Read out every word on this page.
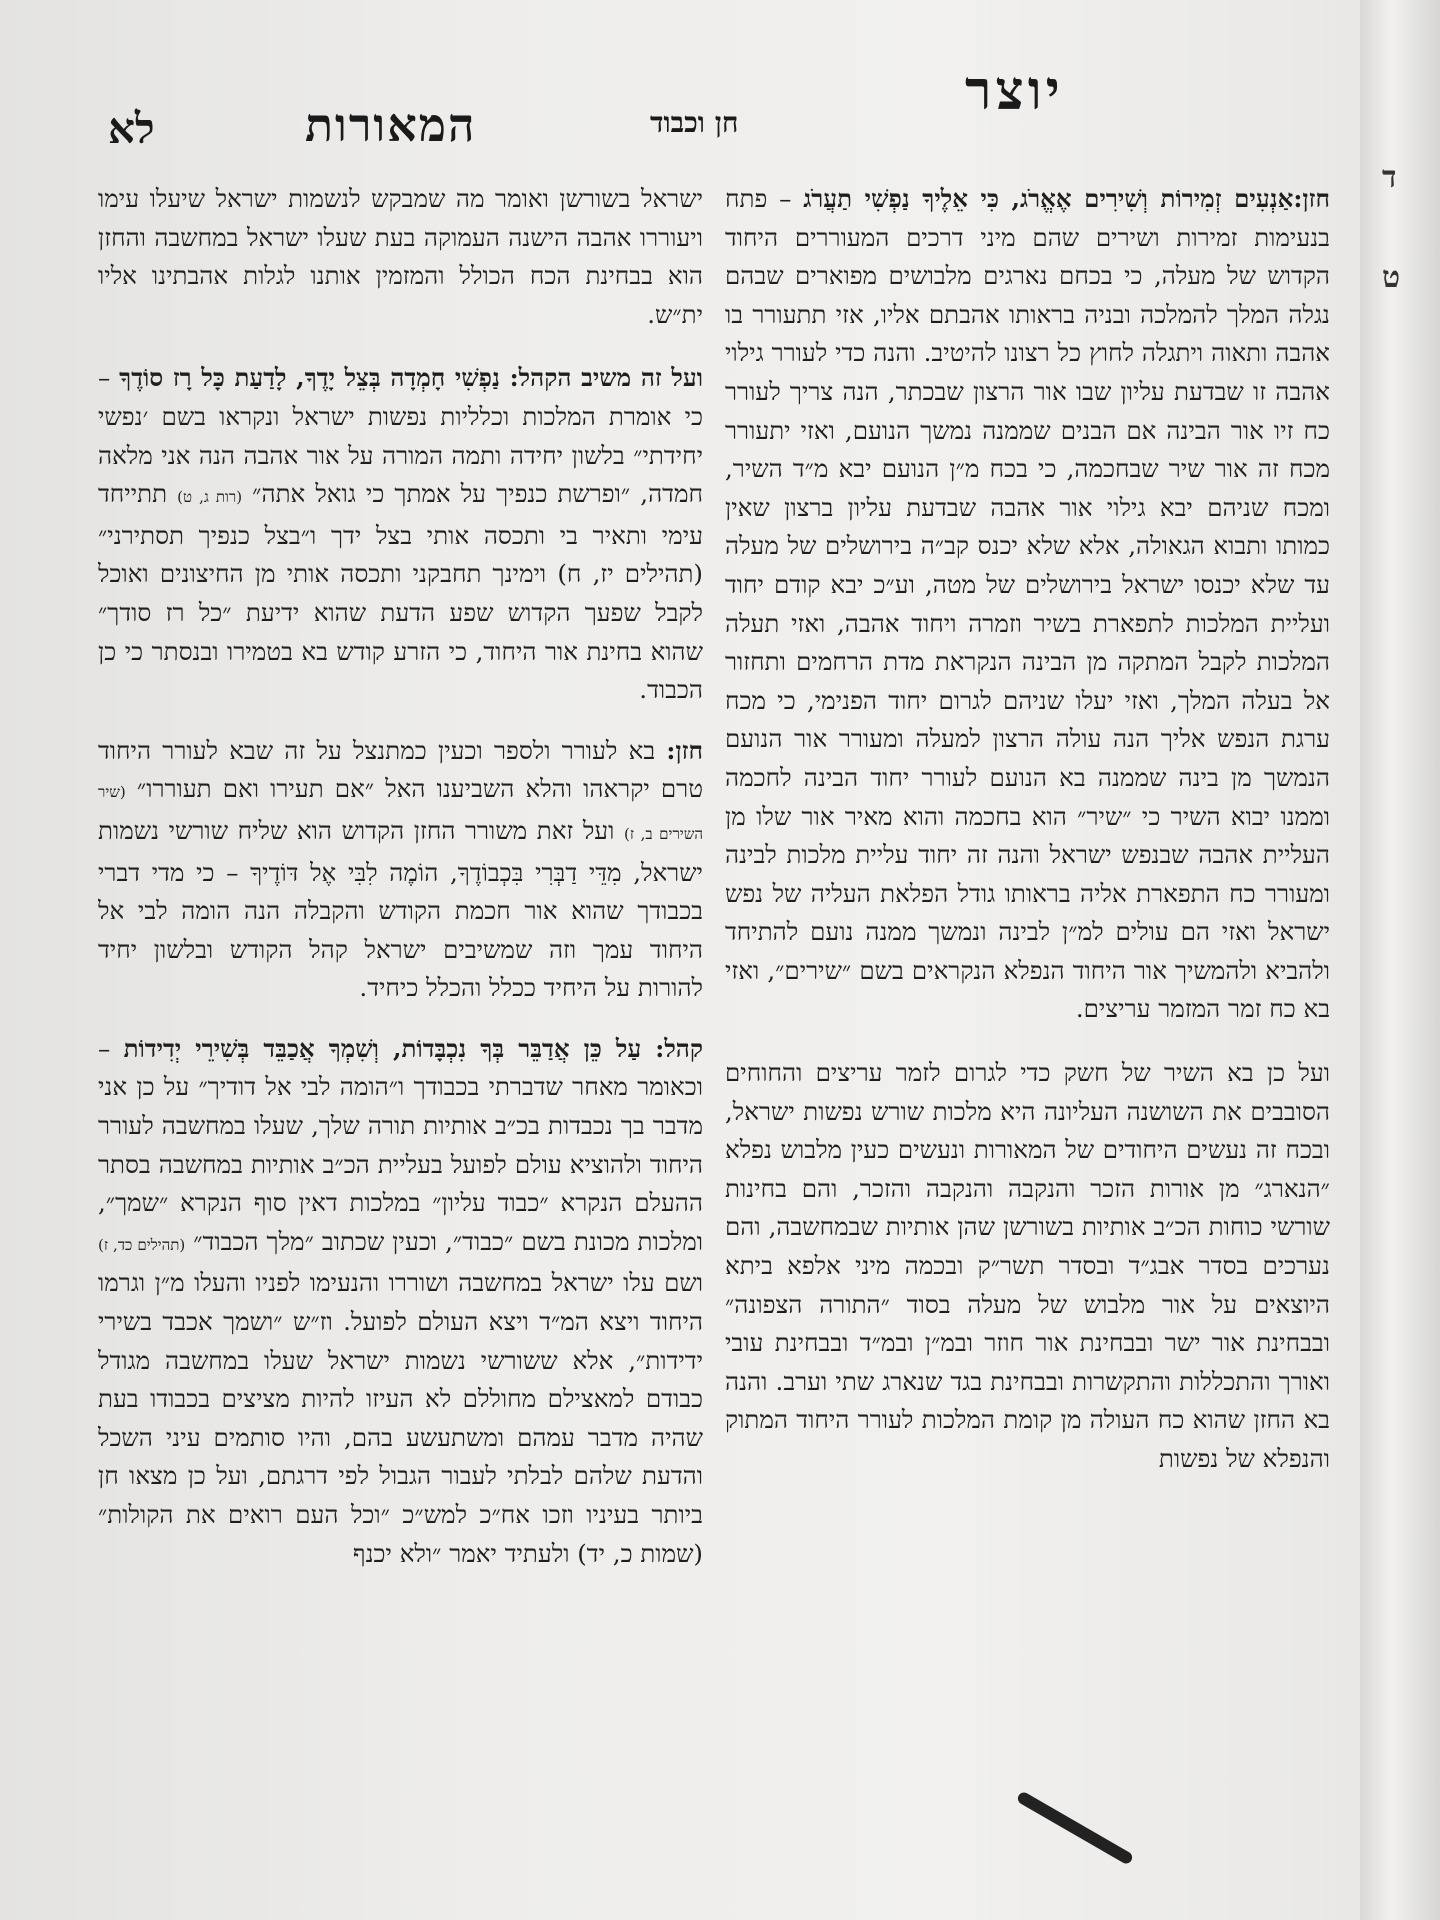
לא	המאורות	חן וכבוד
יוצר

חזן:אַנְעִים זְמִירוֹת וְשִׁירִים אֶאֱרֹג, כִּי אֵלֶיךָ נַפְשִׁי תַעֲרֹג – פתח בנעימות זמירות ושירים שהם מיני דרכים המעוררים היחוד הקדוש של מעלה, כי בכחם נארגים מלבושים מפוארים שבהם נגלה המלך להמלכה ובניה בראותו אהבתם אליו, אזי תתעורר בו אהבה ותאוה ויתגלה לחוץ כל רצונו להיטיב. והנה כדי לעורר גילוי אהבה זו שבדעת עליון שבו אור הרצון שבכתר, הנה צריך לעורר כח זיו אור הבינה אם הבנים שממנה נמשך הנועם, ואזי יתעורר מכח זה אור שיר שבחכמה, כי בכח מ״ן הנועם יבא מ״ד השיר, ומכח שניהם יבא גילוי אור אהבה שבדעת עליון ברצון שאין כמותו ותבוא הגאולה, אלא שלא יכנס קב״ה בירושלים של מעלה עד שלא יכנסו ישראל בירושלים של מטה, וע״כ יבא קודם יחוד ועליית המלכות לתפארת בשיר וזמרה ויחוד אהבה, ואזי תעלה המלכות לקבל המתקה מן הבינה הנקראת מדת הרחמים ותחזור אל בעלה המלך, ואזי יעלו שניהם לגרום יחוד הפנימי, כי מכח ערגת הנפש אליך הנה עולה הרצון למעלה ומעורר אור הנועם הנמשך מן בינה שממנה בא הנועם לעורר יחוד הבינה לחכמה וממנו יבוא השיר כי ״שיר״ הוא בחכמה והוא מאיר אור שלו מן העליית אהבה שבנפש ישראל והנה זה יחוד עליית מלכות לבינה ומעורר כח התפארת אליה בראותו גודל הפלאת העליה של נפש ישראל ואזי הם עולים למ״ן לבינה ונמשך ממנה נועם להתיחד ולהביא ולהמשיך אור היחוד הנפלא הנקראים בשם ״שירים״, ואזי בא כח זמר המזמר עריצים.

ועל כן בא השיר של חשק כדי לגרום לזמר עריצים והחוחים הסובבים את השושנה העליונה היא מלכות שורש נפשות ישראל, ובכח זה נעשים היחודים של המאורות ונעשים כעין מלבוש נפלא ״הנארג״ מן אורות הזכר והנקבה והנקבה והזכר, והם בחינות שורשי כוחות הכ״ב אותיות בשורשן שהן אותיות שבמחשבה, והם נערכים בסדר אבג״ד ובסדר תשר״ק ובכמה מיני אלפא ביתא היוצאים על אור מלבוש של מעלה בסוד ״התורה הצפונה״ ובבחינת אור ישר ובבחינת אור חוזר ובמ״ן ובמ״ד ובבחינת עובי ואורך והתכללות והתקשרות ובבחינת בגד שנארג שתי וערב. והנה בא החזן שהוא כח העולה מן קומת המלכות לעורר היחוד המתוק והנפלא של נפשות

ישראל בשורשן ואומר מה שמבקש לנשמות ישראל שיעלו עימו ויעוררו אהבה הישנה העמוקה בעת שעלו ישראל במחשבה והחזן הוא בבחינת הכח הכולל והמזמין אותנו לגלות אהבתינו אליו ית״ש.

ועל זה משיב הקהל: נַפְשִׁי חָמְדָה בְּצֵל יָדֶךָ, לָדַעַת כָּל רָז סוֹדֶךָ – כי אומרת המלכות וכלליות נפשות ישראל ונקראו בשם ׳נפשי יחידתי״ בלשון יחידה ותמה המורה על אור אהבה הנה אני מלאה חמדה, ״ופרשת כנפיך על אמתך כי גואל אתה״ (רות ג, ט) תתייחד עימי ותאיר בי ותכסה אותי בצל ידך ו״בצל כנפיך תסתירני״ (תהילים יז, ח) וימינך תחבקני ותכסה אותי מן החיצונים ואוכל לקבל שפעך הקדוש שפע הדעת שהוא ידיעת ״כל רז סודך״ שהוא בחינת אור היחוד, כי הזרע קודש בא בטמירו ובנסתר כי כן הכבוד.

חזן: בא לעורר ולספר וכעין כמתנצל על זה שבא לעורר היחוד טרם יקראהו והלא השביענו האל ״אם תעירו ואם תעוררו״ (שיר השירים ב, ז) ועל זאת משורר החזן הקדוש הוא שליח שורשי נשמות ישראל, מִדֵּי דַבְּרִי בִּכְבוֹדֶךָ, הוֹמֶה לִבִּי אֶל דּוֹדֶיךָ – כי מדי דברי בכבודך שהוא אור חכמת הקודש והקבלה הנה הומה לבי אל היחוד עמך וזה שמשיבים ישראל קהל הקודש ובלשון יחיד להורות על היחיד ככלל והכלל כיחיד.

קהל: עַל כֵּן אֲדַבֵּר בְּךָ נִכְבָּדוֹת, וְשִׁמְךָ אֲכַבֵּד בְּשִׁירֵי יְדִידוֹת – וכאומר מאחר שדברתי בכבודך ו״הומה לבי אל דודיך״ על כן אני מדבר בך נכבדות בכ״ב אותיות תורה שלך, שעלו במחשבה לעורר היחוד ולהוציא עולם לפועל בעליית הכ״ב אותיות במחשבה בסתר ההעלם הנקרא ״כבוד עליון״ במלכות דאין סוף הנקרא ״שמך״, ומלכות מכונת בשם ״כבוד״, וכעין שכתוב ״מלך הכבוד״ (תהילים כד, ז) ושם עלו ישראל במחשבה ושוררו והנעימו לפניו והעלו מ״ן וגרמו היחוד ויצא המ״ד ויצא העולם לפועל. וז״ש ״ושמך אכבד בשירי ידידות״, אלא ששורשי נשמות ישראל שעלו במחשבה מגודל כבודם למאצילם מחוללם לא העיזו להיות מציצים בכבודו בעת שהיה מדבר עמהם ומשתעשע בהם, והיו סותמים עיני השכל והדעת שלהם לבלתי לעבור הגבול לפי דרגתם, ועל כן מצאו חן ביותר בעיניו וזכו אח״כ למש״כ ״וכל העם רואים את הקולות״ (שמות כ, יד) ולעתיד יאמר ״ולא יכנף

ד
ט
